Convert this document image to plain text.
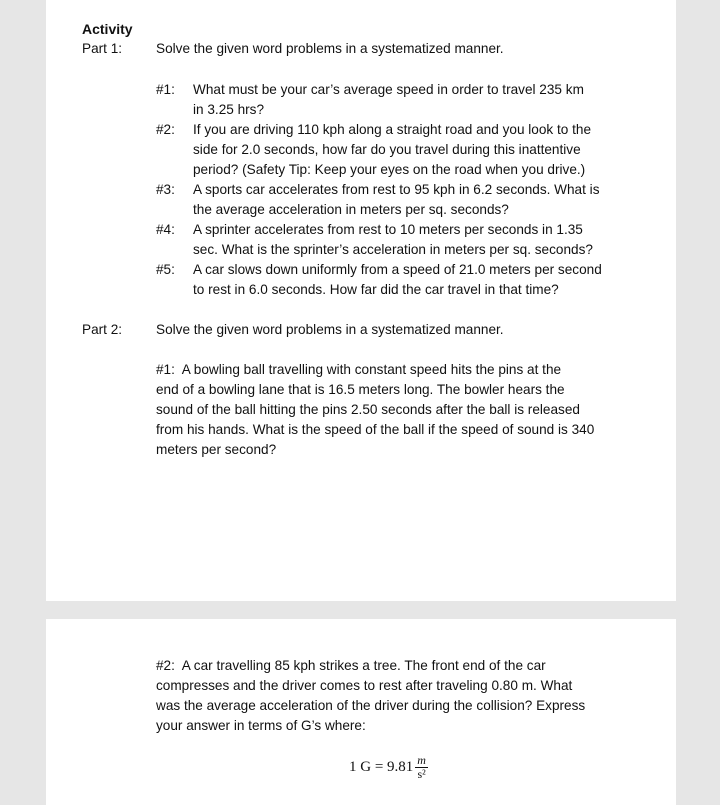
Activity
Part 1: Solve the given word problems in a systematized manner.
#1:	What must be your car’s average speed in order to travel 235 km
in 3.25 hrs?
#2:	If you are driving 110 kph along a straight road and you look to the
side for 2.0 seconds, how far do you travel during this inattentive
period? (Safety Tip: Keep your eyes on the road when you drive.)
#3:	A sports car accelerates from rest to 95 kph in 6.2 seconds. What is
the average acceleration in meters per sq. seconds?
#4:	A sprinter accelerates from rest to 10 meters per seconds in 1.35
sec. What is the sprinter’s acceleration in meters per sq. seconds?
#5:	A car slows down uniformly from a speed of 21.0 meters per second
to rest in 6.0 seconds. How far did the car travel in that time?
Part 2: Solve the given word problems in a systematized manner.
#1: A bowling ball travelling with constant speed hits the pins at the
end of a bowling lane that is 16.5 meters long. The bowler hears the
sound of the ball hitting the pins 2.50 seconds after the ball is released
from his hands. What is the speed of the ball if the speed of sound is 340
meters per second?
#2: A car travelling 85 kph strikes a tree. The front end of the car
compresses and the driver comes to rest after traveling 0.80 m. What
was the average acceleration of the driver during the collision? Express
your answer in terms of G’s where:
1 $G = 9.81 \frac{m}{\text{s²}}$
